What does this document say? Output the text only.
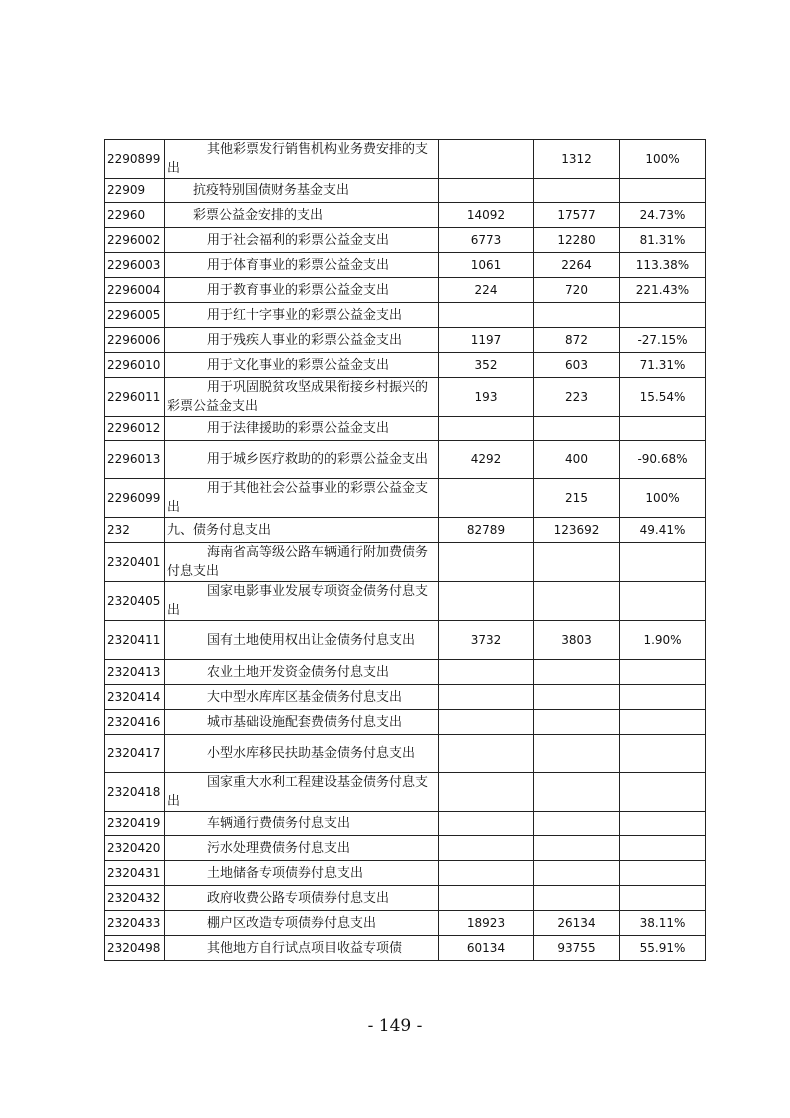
2290899	其他彩票发行销售机构业务费安排的支出		1312	100%
22909	抗疫特别国债财务基金支出			

22960	彩票公益金安排的支出	14092	17577	24.73%
2296002	用于社会福利的彩票公益金支出	6773	12280	81.31%
2296003	用于体育事业的彩票公益金支出	1061	2264	113.38%
2296004	用于教育事业的彩票公益金支出	224	720	221.43%
2296005	用于红十字事业的彩票公益金支出			

2296006	用于残疾人事业的彩票公益金支出	1197	872	-27.15%
2296010	用于文化事业的彩票公益金支出	352	603	71.31%
2296011	用于巩固脱贫攻坚成果衔接乡村振兴的彩票公益金支出	193	223	15.54%
2296012	用于法律援助的彩票公益金支出			

2296013	用于城乡医疗救助的的彩票公益金支出	4292	400	-90.68%
2296099	用于其他社会公益事业的彩票公益金支出		215	100%
232	九、债务付息支出	82789	123692	49.41%
2320401	海南省高等级公路车辆通行附加费债务付息支出			

2320405	国家电影事业发展专项资金债务付息支出			

2320411	国有土地使用权出让金债务付息支出	3732	3803	1.90%
2320413	农业土地开发资金债务付息支出			

2320414	大中型水库库区基金债务付息支出			

2320416	城市基础设施配套费债务付息支出			

2320417	小型水库移民扶助基金债务付息支出			

2320418	国家重大水利工程建设基金债务付息支出			

2320419	车辆通行费债务付息支出			

2320420	污水处理费债务付息支出			

2320431	土地储备专项债券付息支出			

2320432	政府收费公路专项债券付息支出			

2320433	棚户区改造专项债券付息支出	18923	26134	38.11%
2320498	其他地方自行试点项目收益专项债	60134	93755	55.91%
- 149 -
